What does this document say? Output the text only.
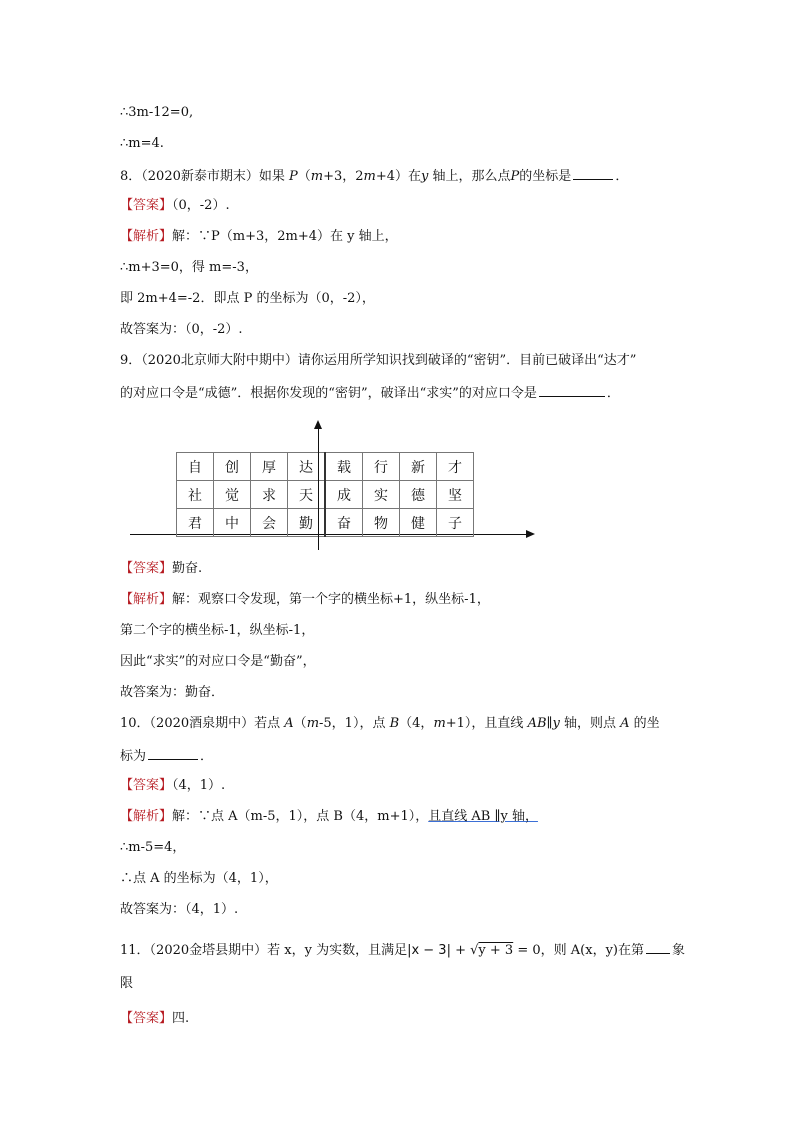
∴3m-12=0,
∴m=4.
8．（2020新泰市期末）如果 P（m+3，2m+4）在y 轴上，那么点P的坐标是	．
【答案】（0，-2）.
【解析】解：∵P（m+3，2m+4）在 y 轴上，
∴m+3=0，得 m=-3，
即 2m+4=-2．即点 P 的坐标为（0，-2），
故答案为：（0，-2）.
9．（2020北京师大附中期中）请你运用所学知识找到破译的“密钥”．目前已破译出“达才”
的对应口令是“成德”．根据你发现的“密钥”，破译出“求实”的对应口令是	．
自	创	厚	达	载	行	新	才
社	觉	求	天	成	实	德	坚
君	中	会	勤	奋	物	健	子
【答案】勤奋.
【解析】解：观察口令发现，第一个字的横坐标+1，纵坐标-1，
第二个字的横坐标-1，纵坐标-1，
因此“求实”的对应口令是“勤奋”，
故答案为：勤奋．
10．（2020酒泉期中）若点 A（m-5，1），点 B（4，m+1），且直线 AB∥y 轴，则点 A 的坐
标为	．
【答案】（4，1）.
【解析】解：∵点 A（m-5，1），点 B（4，m+1），且直线 AB ∥y 轴，
∴m-5=4，
∴点 A 的坐标为（4，1），
故答案为：（4，1）.
11．（2020金塔县期中）若 x，y 为实数，且满足|x − 3| + √y + 3 = 0，则 A(x，y)在第 象
限
【答案】四.
